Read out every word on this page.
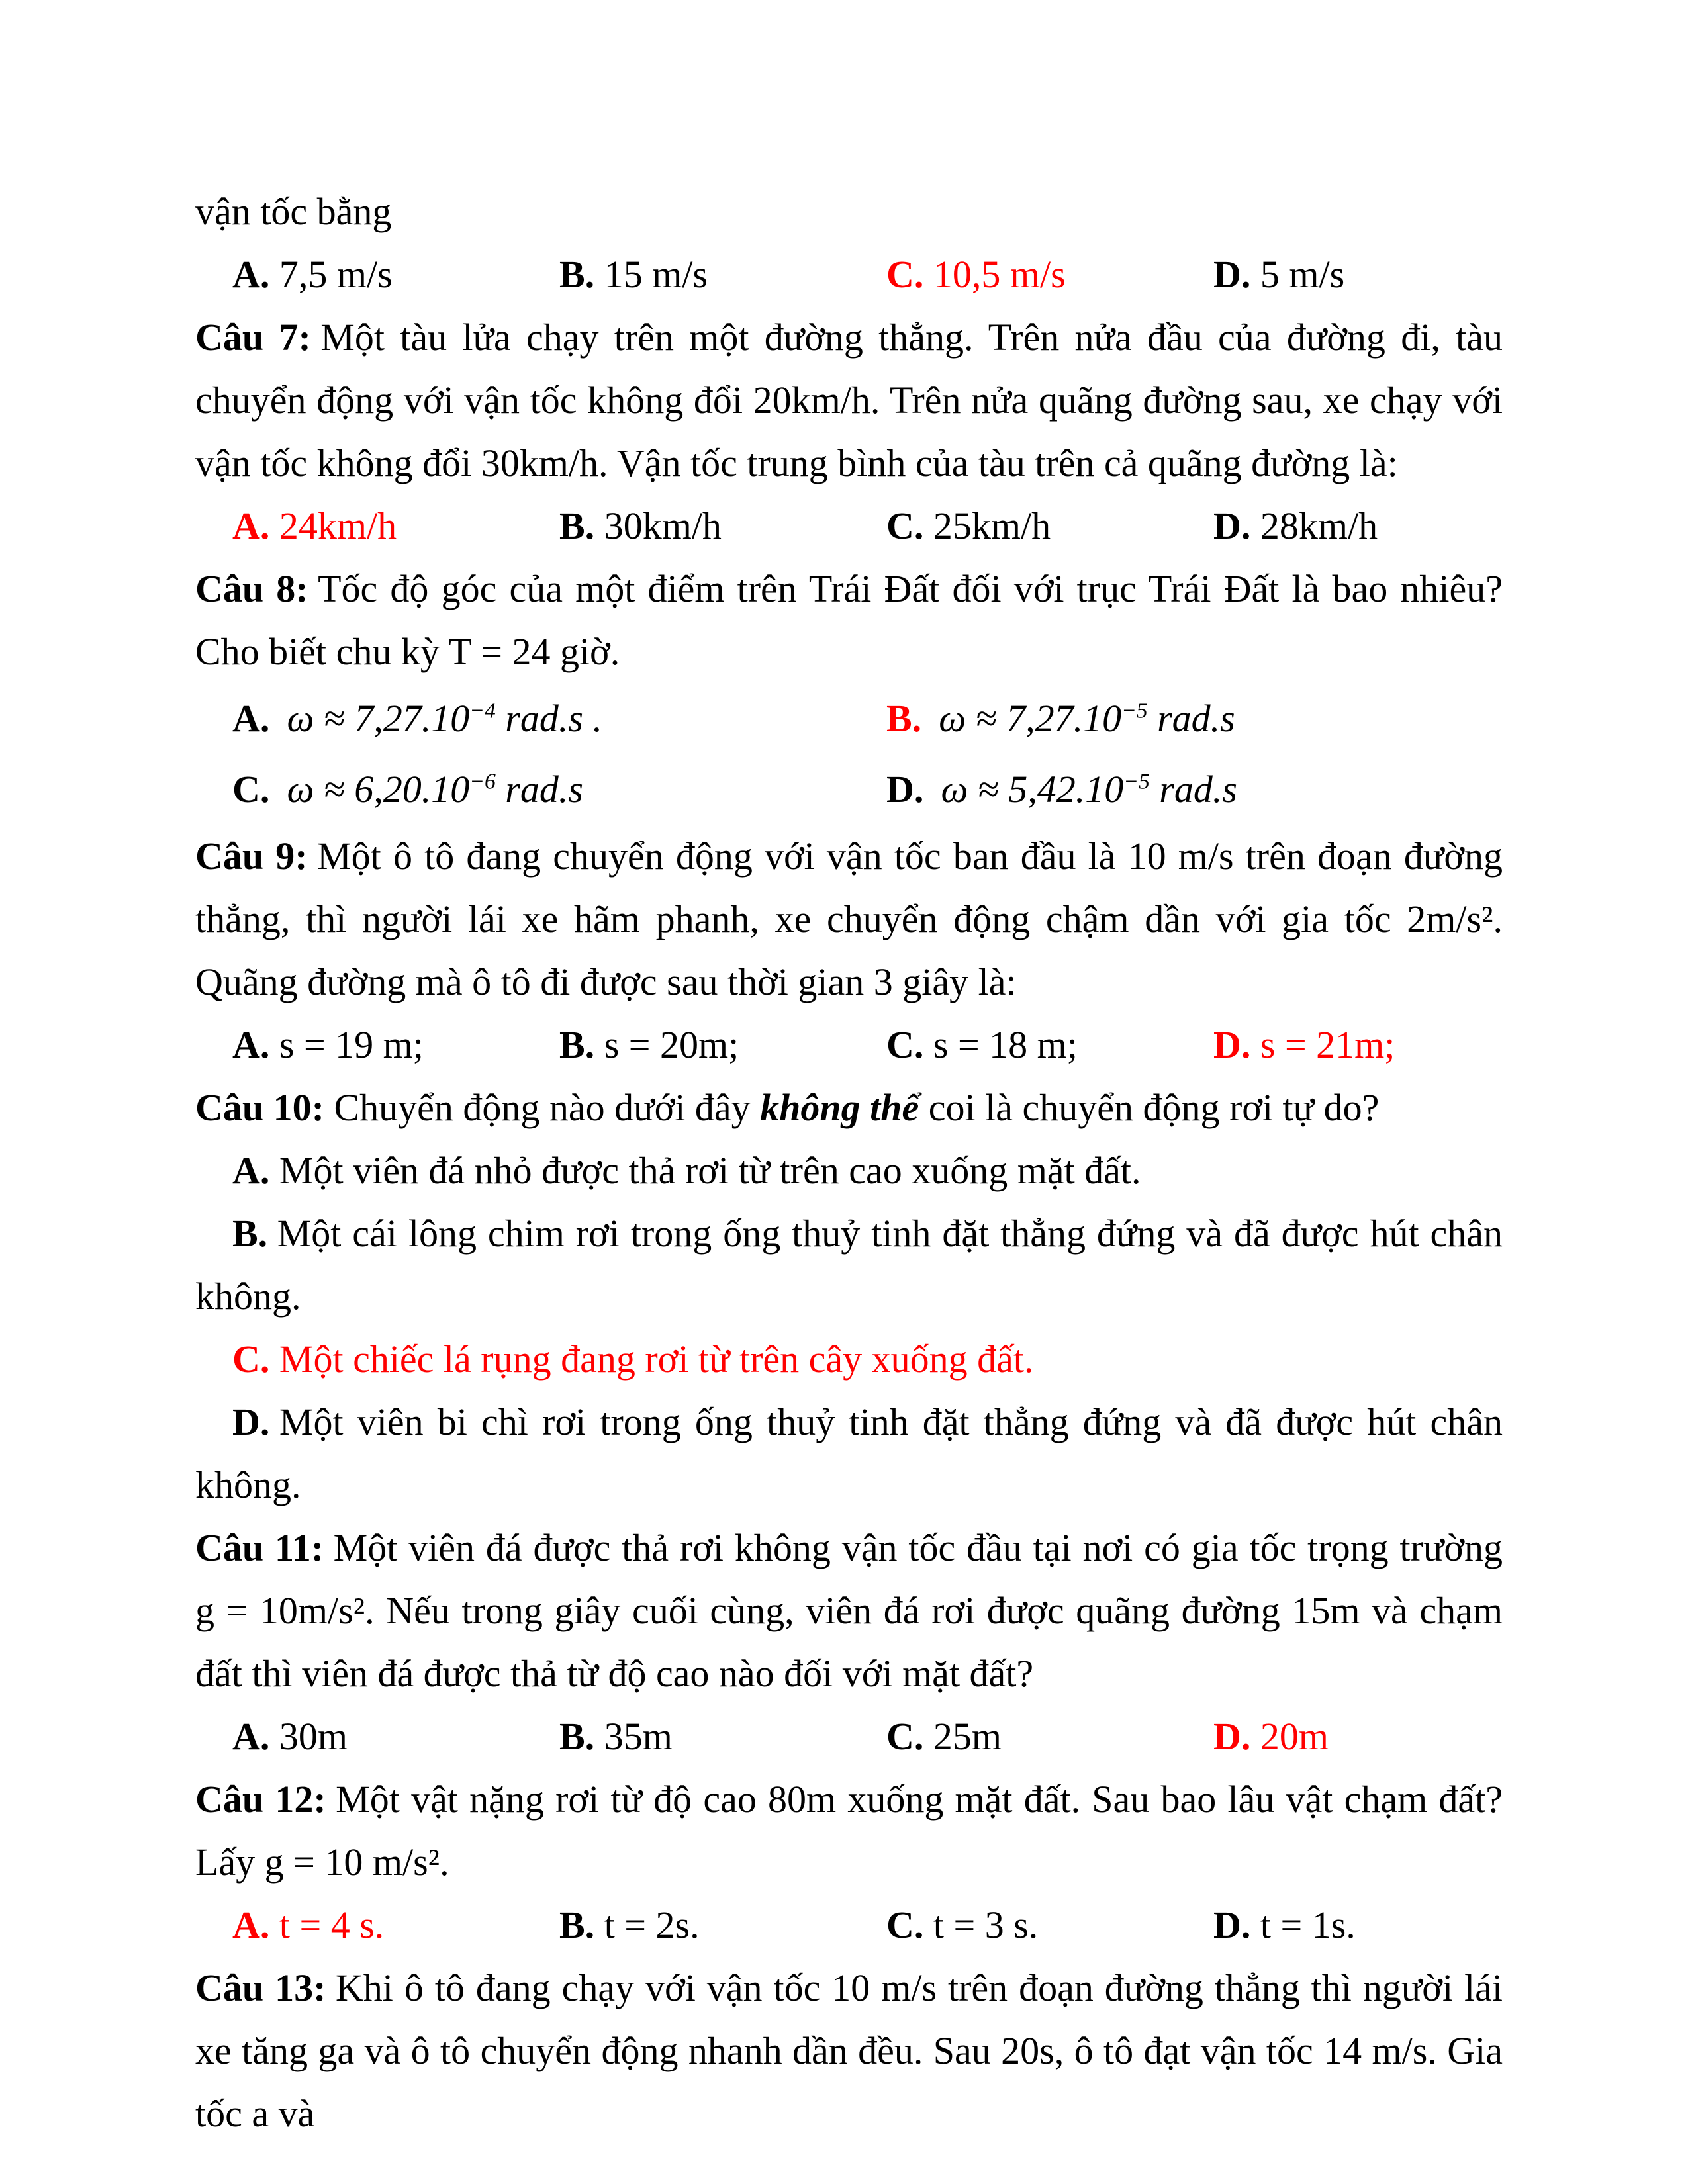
vận tốc bằng

A. 7,5 m/s	B. 15 m/s	C. 10,5 m/s	D. 5 m/s

Câu 7: Một tàu lửa chạy trên một đường thẳng. Trên nửa đầu của đường đi, tàu chuyển động với vận tốc không đổi 20km/h. Trên nửa quãng đường sau, xe chạy với vận tốc không đổi 30km/h. Vận tốc trung bình của tàu trên cả quãng đường là:

A. 24km/h	B. 30km/h	C. 25km/h	D. 28km/h

Câu 8: Tốc độ góc của một điểm trên Trái Đất đối với trục Trái Đất là bao nhiêu? Cho biết chu kỳ T = 24 giờ.

A. $\omega \approx 7,27.10^{-4}$ rad.s .	B. $\omega \approx 7,27.10^{-5}$ rad.s
C. $\omega \approx 6,20.10^{-6}$ rad.s	D. $\omega \approx 5,42.10^{-5}$ rad.s

Câu 9: Một ô tô đang chuyển động với vận tốc ban đầu là 10 m/s trên đoạn đường thẳng, thì người lái xe hãm phanh, xe chuyển động chậm dần với gia tốc 2m/s². Quãng đường mà ô tô đi được sau thời gian 3 giây là:

A. s = 19 m;	B. s = 20m;	C. s = 18 m;	D. s = 21m;

Câu 10: Chuyển động nào dưới đây không thể coi là chuyển động rơi tự do?

A. Một viên đá nhỏ được thả rơi từ trên cao xuống mặt đất.

B. Một cái lông chim rơi trong ống thuỷ tinh đặt thẳng đứng và đã được hút chân không.

C. Một chiếc lá rụng đang rơi từ trên cây xuống đất.

D. Một viên bi chì rơi trong ống thuỷ tinh đặt thẳng đứng và đã được hút chân không.

Câu 11: Một viên đá được thả rơi không vận tốc đầu tại nơi có gia tốc trọng trường g = 10m/s². Nếu trong giây cuối cùng, viên đá rơi được quãng đường 15m và chạm đất thì viên đá được thả từ độ cao nào đối với mặt đất?

A. 30m	B. 35m	C. 25m	D. 20m

Câu 12: Một vật nặng rơi từ độ cao 80m xuống mặt đất. Sau bao lâu vật chạm đất? Lấy g = 10 m/s².

A. t = 4 s.	B. t = 2s.	C. t = 3 s.	D. t = 1s.

Câu 13: Khi ô tô đang chạy với vận tốc 10 m/s trên đoạn đường thẳng thì người lái xe tăng ga và ô tô chuyển động nhanh dần đều. Sau 20s, ô tô đạt vận tốc 14 m/s. Gia tốc a và
